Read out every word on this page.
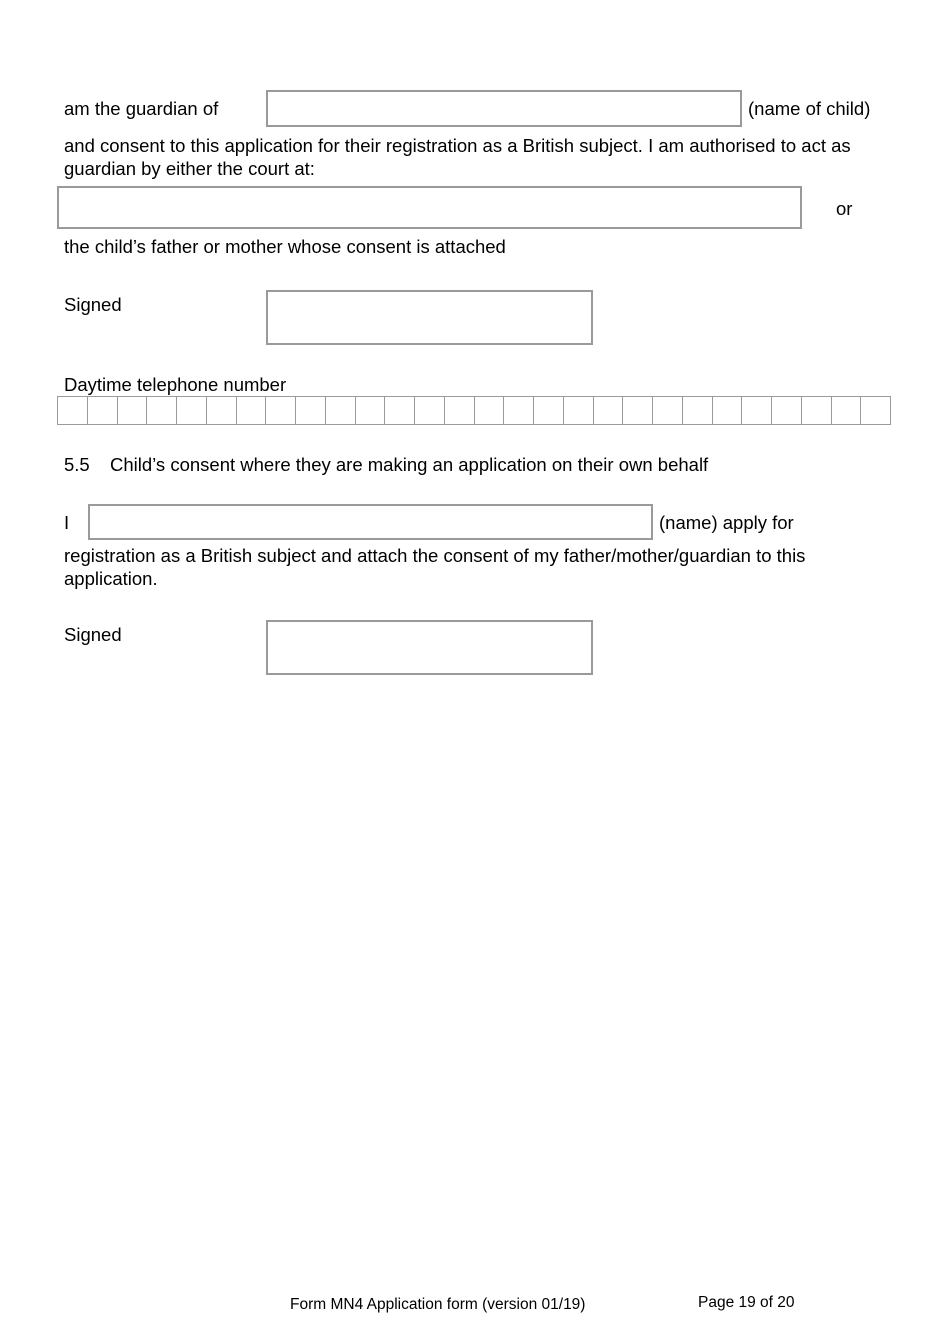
am the guardian of	(name of child)
and consent to this application for their registration as a British subject. I am authorised to act as guardian by either the court at:
or
the child’s father or mother whose consent is attached
Signed
Daytime telephone number
5.5 Child’s consent where they are making an application on their own behalf
I	(name) apply for
registration as a British subject and attach the consent of my father/mother/guardian to this application.
Signed
Form MN4 Application form (version 01/19)	Page 19 of 20
